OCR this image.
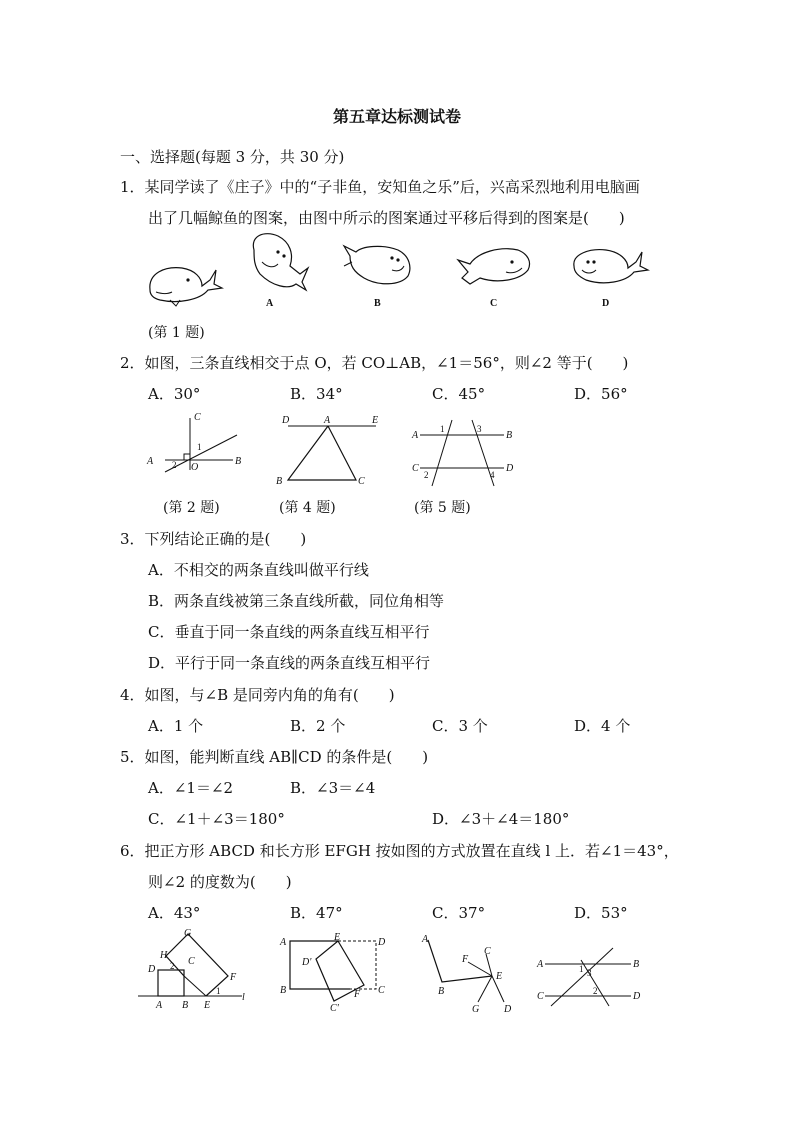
第五章达标测试卷
一、选择题(每题 3 分，共 30 分)
1．某同学读了《庄子》中的“子非鱼，安知鱼之乐”后，兴高采烈地利用电脑画
出了几幅鲸鱼的图案，由图中所示的图案通过平移后得到的图案是(　　)
A	B	C	D
(第 1 题)
2．如图，三条直线相交于点 O，若 CO⊥AB，∠1＝56°，则∠2 等于(　　)
A．30°	B．34°	C．45°	D．56°
C
1
A 2 O
B
(第 2 题)
D	A	E
B	C
(第 4 题)
A
1	3
B
C
2	4
D
(第 5 题)
3．下列结论正确的是(　　)
A．不相交的两条直线叫做平行线
B．两条直线被第三条直线所截，同位角相等
C．垂直于同一条直线的两条直线互相平行
D．平行于同一条直线的两条直线互相平行
4．如图，与∠B 是同旁内角的角有(　　)
A．1 个	B．2 个	C．3 个	D．4 个
5．如图，能判断直线 AB∥CD 的条件是(　　)
A．∠1＝∠2	B．∠3＝∠4
C．∠1＋∠3＝180°	D．∠3＋∠4＝180°
6．把正方形 ABCD 和长方形 EFGH 按如图的方式放置在直线 l 上．若∠1＝43°，
则∠2 的度数为(　　)
A．43°	B．47°	C．37°	D．53°
G
H
C
D 2
F
1
A B E
l
A	E	D
D'
B	F C
C'
A
F
C
E
B
G D
A	1 3
B
C	2	D
